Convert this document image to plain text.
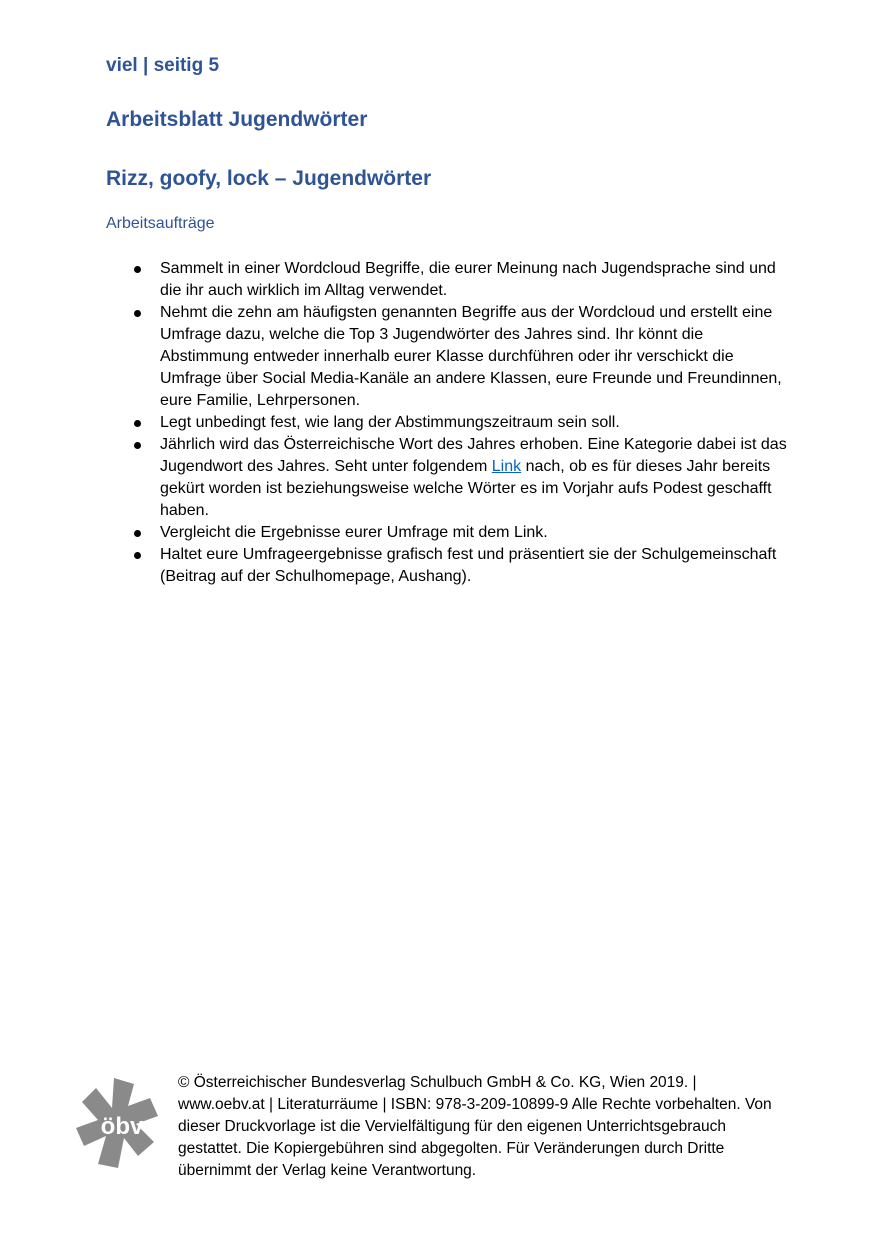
viel | seitig 5
Arbeitsblatt Jugendwörter
Rizz, goofy, lock – Jugendwörter
Arbeitsaufträge
Sammelt in einer Wordcloud Begriffe, die eurer Meinung nach Jugendsprache sind und die ihr auch wirklich im Alltag verwendet.
Nehmt die zehn am häufigsten genannten Begriffe aus der Wordcloud und erstellt eine Umfrage dazu, welche die Top 3 Jugendwörter des Jahres sind. Ihr könnt die Abstimmung entweder innerhalb eurer Klasse durchführen oder ihr verschickt die Umfrage über Social Media-Kanäle an andere Klassen, eure Freunde und Freundinnen, eure Familie, Lehrpersonen.
Legt unbedingt fest, wie lang der Abstimmungszeitraum sein soll.
Jährlich wird das Österreichische Wort des Jahres erhoben. Eine Kategorie dabei ist das Jugendwort des Jahres. Seht unter folgendem Link nach, ob es für dieses Jahr bereits gekürt worden ist beziehungsweise welche Wörter es im Vorjahr aufs Podest geschafft haben.
Vergleicht die Ergebnisse eurer Umfrage mit dem Link.
Haltet eure Umfrageergebnisse grafisch fest und präsentiert sie der Schulgemeinschaft (Beitrag auf der Schulhomepage, Aushang).
öbv
© Österreichischer Bundesverlag Schulbuch GmbH & Co. KG, Wien 2019. | www.oebv.at | Literaturräume | ISBN: 978-3-209-10899-9 Alle Rechte vorbehalten. Von dieser Druckvorlage ist die Vervielfältigung für den eigenen Unterrichtsgebrauch gestattet. Die Kopiergebühren sind abgegolten. Für Veränderungen durch Dritte übernimmt der Verlag keine Verantwortung.
